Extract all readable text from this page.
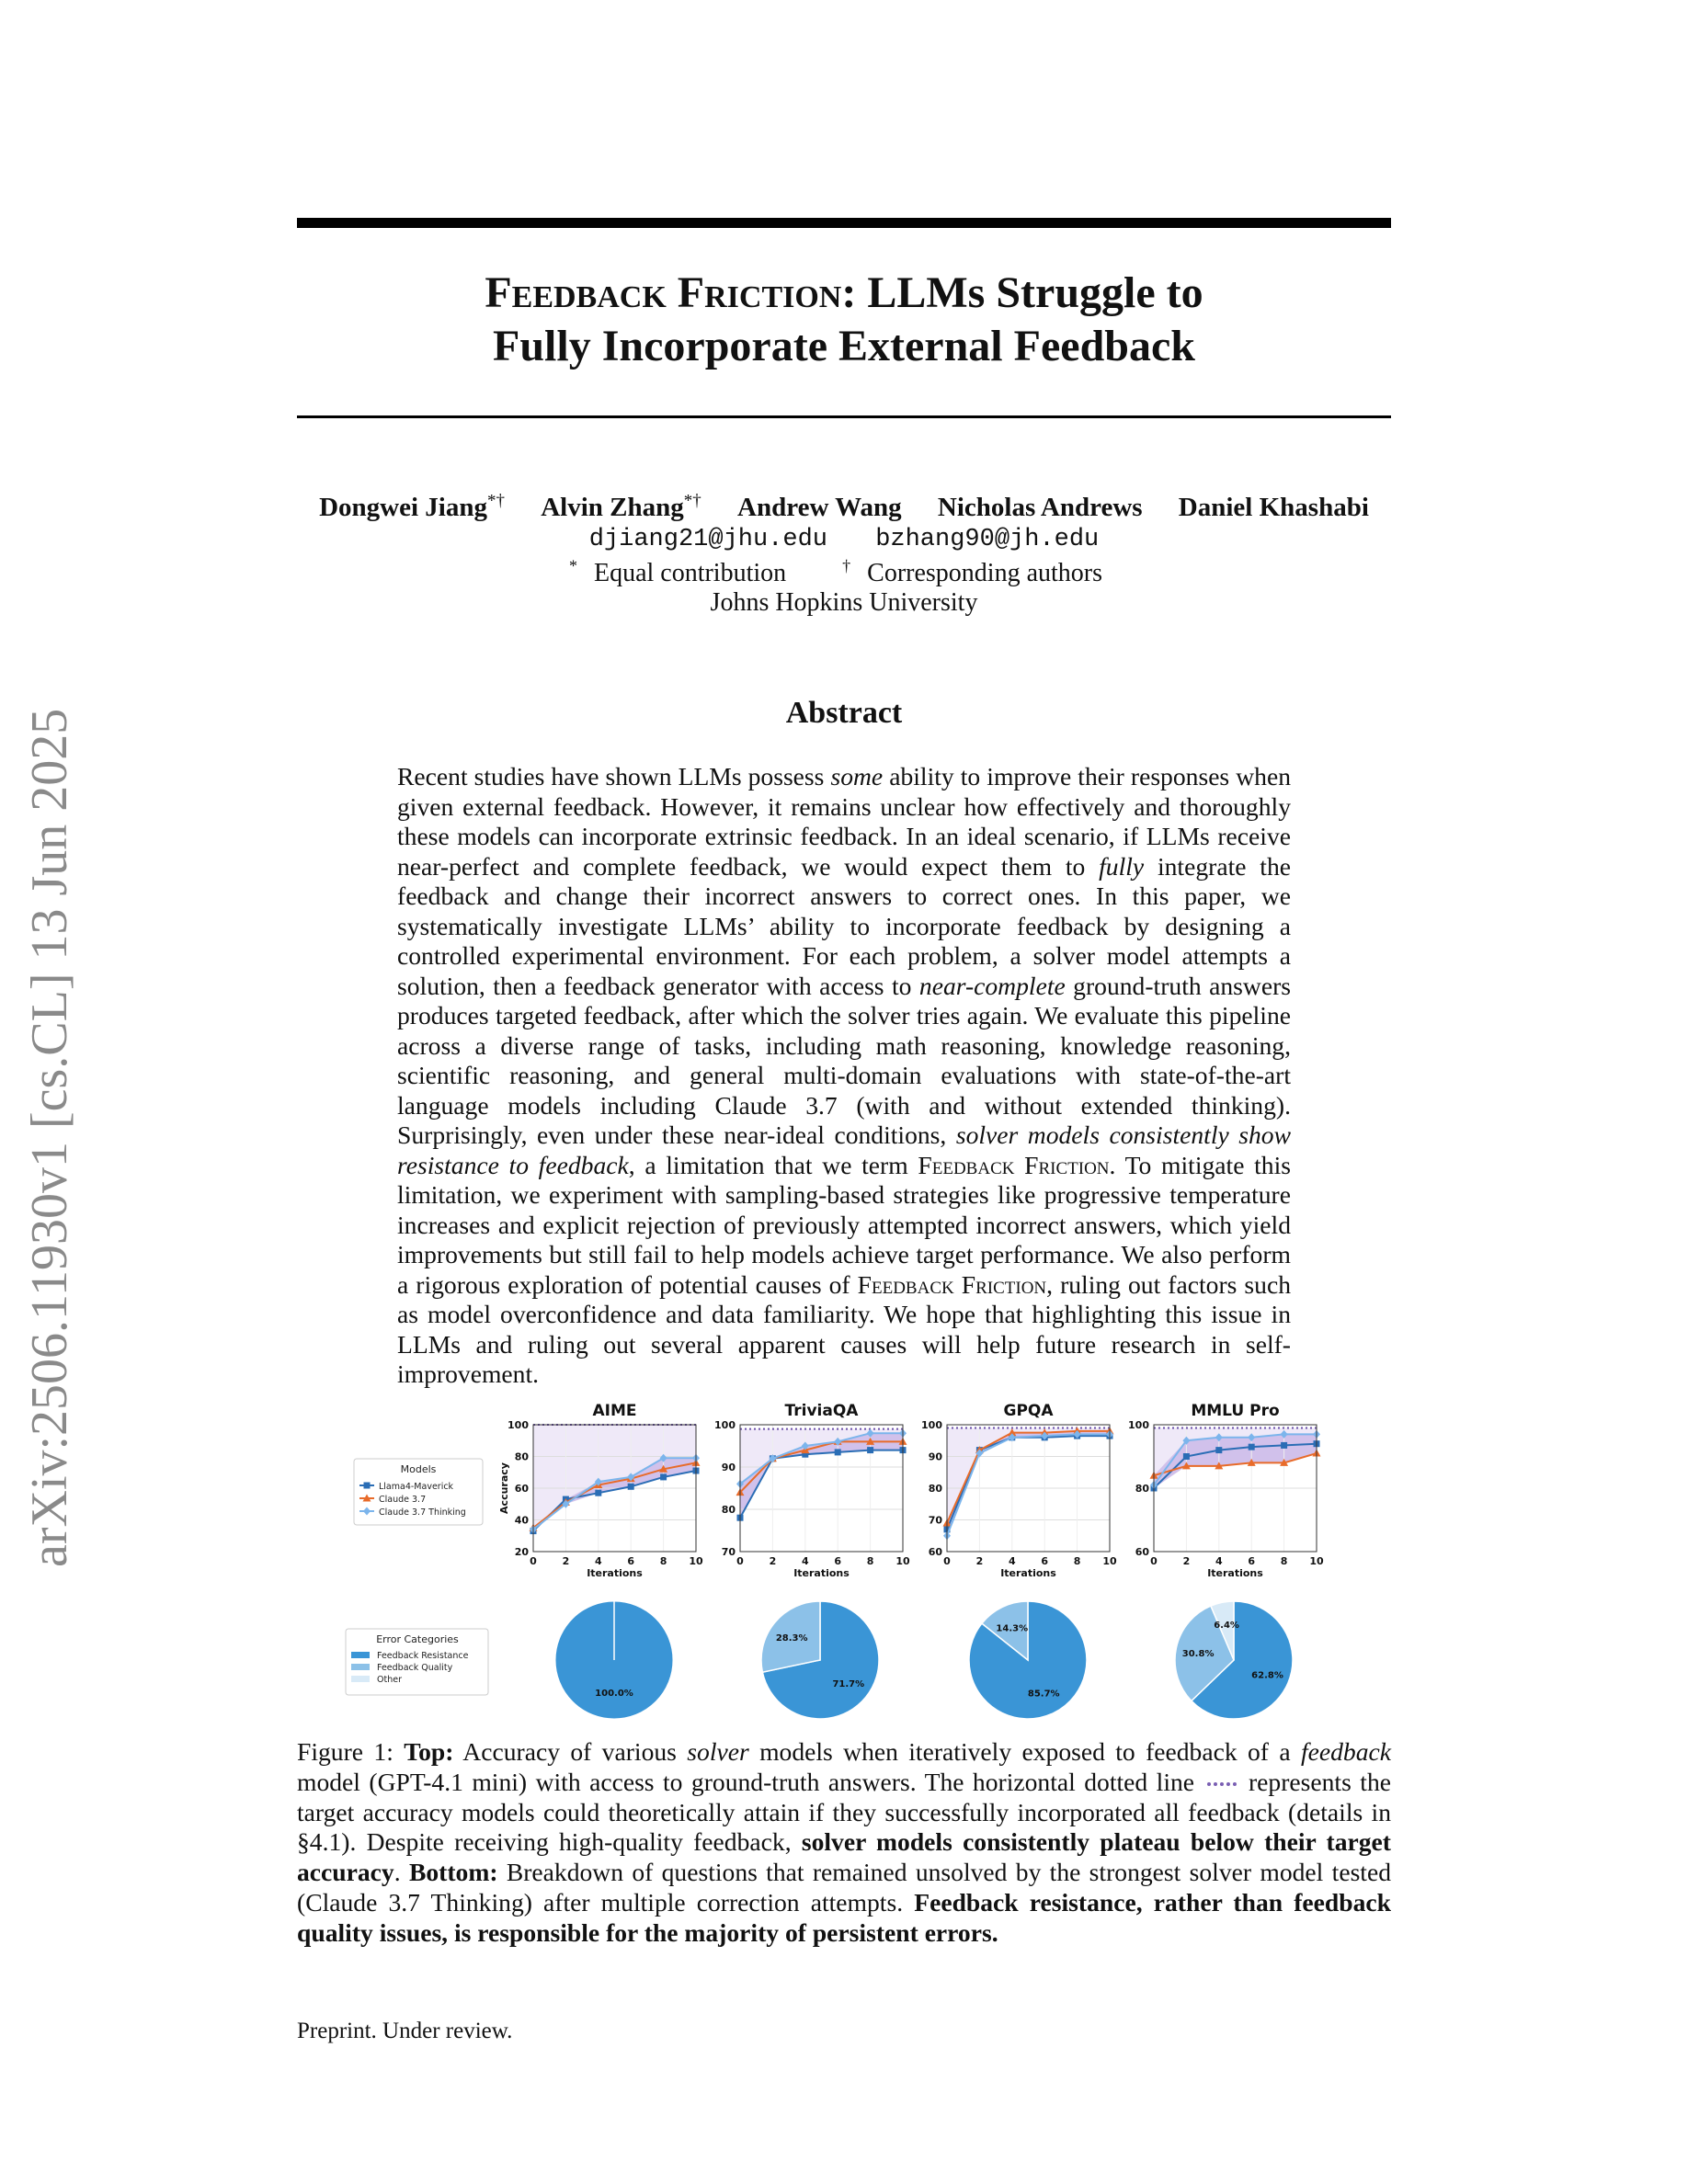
arXiv:2506.11930v1 [cs.CL] 13 Jun 2025
Feedback Friction: LLMs Struggle to
Fully Incorporate External Feedback
Dongwei Jiang*† Alvin Zhang*† Andrew Wang Nicholas Andrews Daniel Khashabi
djiang21@jhu.edu bzhang90@jh.edu
* Equal contribution	† Corresponding authors
Johns Hopkins University
Abstract
Recent studies have shown LLMs possess some ability to improve their responses when given external feedback. However, it remains unclear how effectively and thoroughly these models can incorporate extrinsic feedback. In an ideal scenario, if LLMs receive near-perfect and complete feedback, we would expect them to fully integrate the feedback and change their incorrect answers to correct ones. In this paper, we systematically investigate LLMs’ ability to incorporate feedback by designing a controlled experimental environment. For each problem, a solver model attempts a solution, then a feedback generator with access to near-complete ground-truth answers produces targeted feedback, after which the solver tries again. We evaluate this pipeline across a diverse range of tasks, including math reasoning, knowledge reasoning, scientific reasoning, and general multi-domain evaluations with state-of-the-art language models including Claude 3.7 (with and without extended thinking). Surprisingly, even under these near-ideal conditions, solver models consistently show resistance to feedback, a limitation that we term Feedback Friction. To mitigate this limitation, we experiment with sampling-based strategies like progressive temperature increases and explicit rejection of previously attempted incorrect answers, which yield improvements but still fail to help models achieve target performance. We also perform a rigorous exploration of potential causes of Feedback Friction, ruling out factors such as model overconfidence and data familiarity. We hope that highlighting this issue in LLMs and ruling out several apparent causes will help future research in self-improvement.
AIME
20
40
60
80
100
0	2	4	6	8 10
Iterations
Accuracy
TriviaQA
70
80
90
100
0	2	4	6	8 10
Iterations
GPQA
60
70
80
90
100
0	2	4	6	8 10
Iterations
MMLU Pro
60
80
100
0	2	4	6	8 10
Iterations
100.0%
71.7%
28.3%
85.7%
14.3%
62.8%
30.8%
6.4%
Models
Llama4-Maverick
Claude 3.7
Claude 3.7 Thinking
Error Categories
Feedback Resistance
Feedback Quality
Other
Figure 1: Top: Accuracy of various solver models when iteratively exposed to feedback of a feedback model (GPT-4.1 mini) with access to ground-truth answers. The horizontal dotted line  represents the target accuracy models could theoretically attain if they successfully incorporated all feedback (details in §4.1). Despite receiving high-quality feedback, solver models consistently plateau below their target accuracy. Bottom: Breakdown of questions that remained unsolved by the strongest solver model tested (Claude 3.7 Thinking) after multiple correction attempts. Feedback resistance, rather than feedback quality issues, is responsible for the majority of persistent errors.
Preprint. Under review.
